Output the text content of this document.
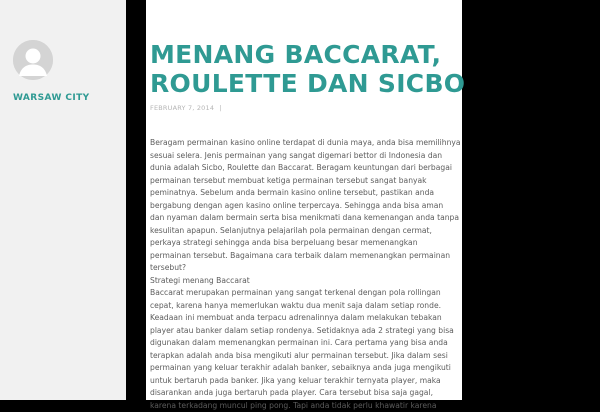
WARSAW CITY
MENANG BACCARAT,
ROULETTE DAN SICBO
FEBRUARY 7, 2014 |

Beragam permainan kasino online terdapat di dunia maya, anda bisa memilihnya
sesuai selera. Jenis permainan yang sangat digemari bettor di Indonesia dan
dunia adalah Sicbo, Roulette dan Baccarat. Beragam keuntungan dari berbagai
permainan tersebut membuat ketiga permainan tersebut sangat banyak
peminatnya. Sebelum anda bermain kasino online tersebut, pastikan anda
bergabung dengan agen kasino online terpercaya. Sehingga anda bisa aman
dan nyaman dalam bermain serta bisa menikmati dana kemenangan anda tanpa
kesulitan apapun. Selanjutnya pelajarilah pola permainan dengan cermat,
perkaya strategi sehingga anda bisa berpeluang besar memenangkan
permainan tersebut. Bagaimana cara terbaik dalam memenangkan permainan
tersebut?

Strategi menang Baccarat

Baccarat merupakan permainan yang sangat terkenal dengan pola rollingan
cepat, karena hanya memerlukan waktu dua menit saja dalam setiap ronde.
Keadaan ini membuat anda terpacu adrenalinnya dalam melakukan tebakan
player atau banker dalam setiap rondenya. Setidaknya ada 2 strategi yang bisa
digunakan dalam memenangkan permainan ini. Cara pertama yang bisa anda
terapkan adalah anda bisa mengikuti alur permainan tersebut. Jika dalam sesi
permainan yang keluar terakhir adalah banker, sebaiknya anda juga mengikuti
untuk bertaruh pada banker. Jika yang keluar terakhir ternyata player, maka
disarankan anda juga bertaruh pada player. Cara tersebut bisa saja gagal,
karena terkadang muncul ping pong. Tapi anda tidak perlu khawatir karena
